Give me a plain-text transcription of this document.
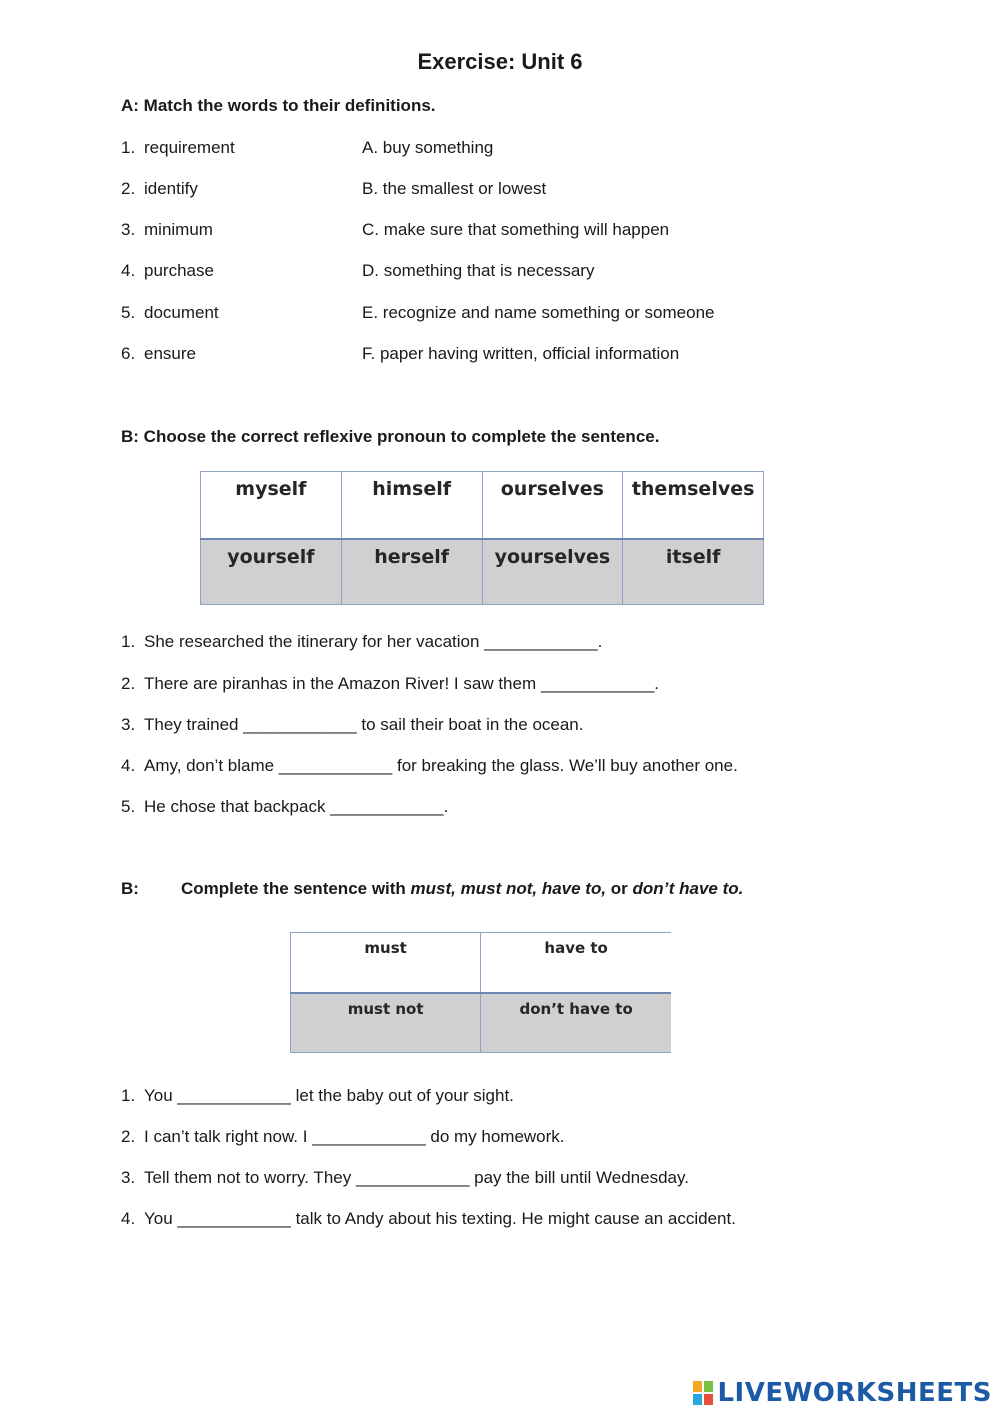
Exercise: Unit 6
A: Match the words to their definitions.
1. requirement	A. buy something
2. identify	B. the smallest or lowest
3. minimum	C. make sure that something will happen
4. purchase	D. something that is necessary
5. document	E. recognize and name something or someone
6. ensure	F. paper having written, official information
B: Choose the correct reflexive pronoun to complete the sentence.
myself	himself	ourselves	themselves
yourself	herself	yourselves	itself
1. She researched the itinerary for her vacation ____________.
2. There are piranhas in the Amazon River! I saw them ____________.
3. They trained ____________ to sail their boat in the ocean.
4. Amy, don’t blame ____________ for breaking the glass. We’ll buy another one.
5. He chose that backpack ____________.
B: Complete the sentence with must, must not, have to, or don’t have to.
must	have to
must not	don’t have to
1. You ____________ let the baby out of your sight.
2. I can’t talk right now. I ____________ do my homework.
3. Tell them not to worry. They ____________ pay the bill until Wednesday.
4. You ____________ talk to Andy about his texting. He might cause an accident.
LIVEWORKSHEETS
